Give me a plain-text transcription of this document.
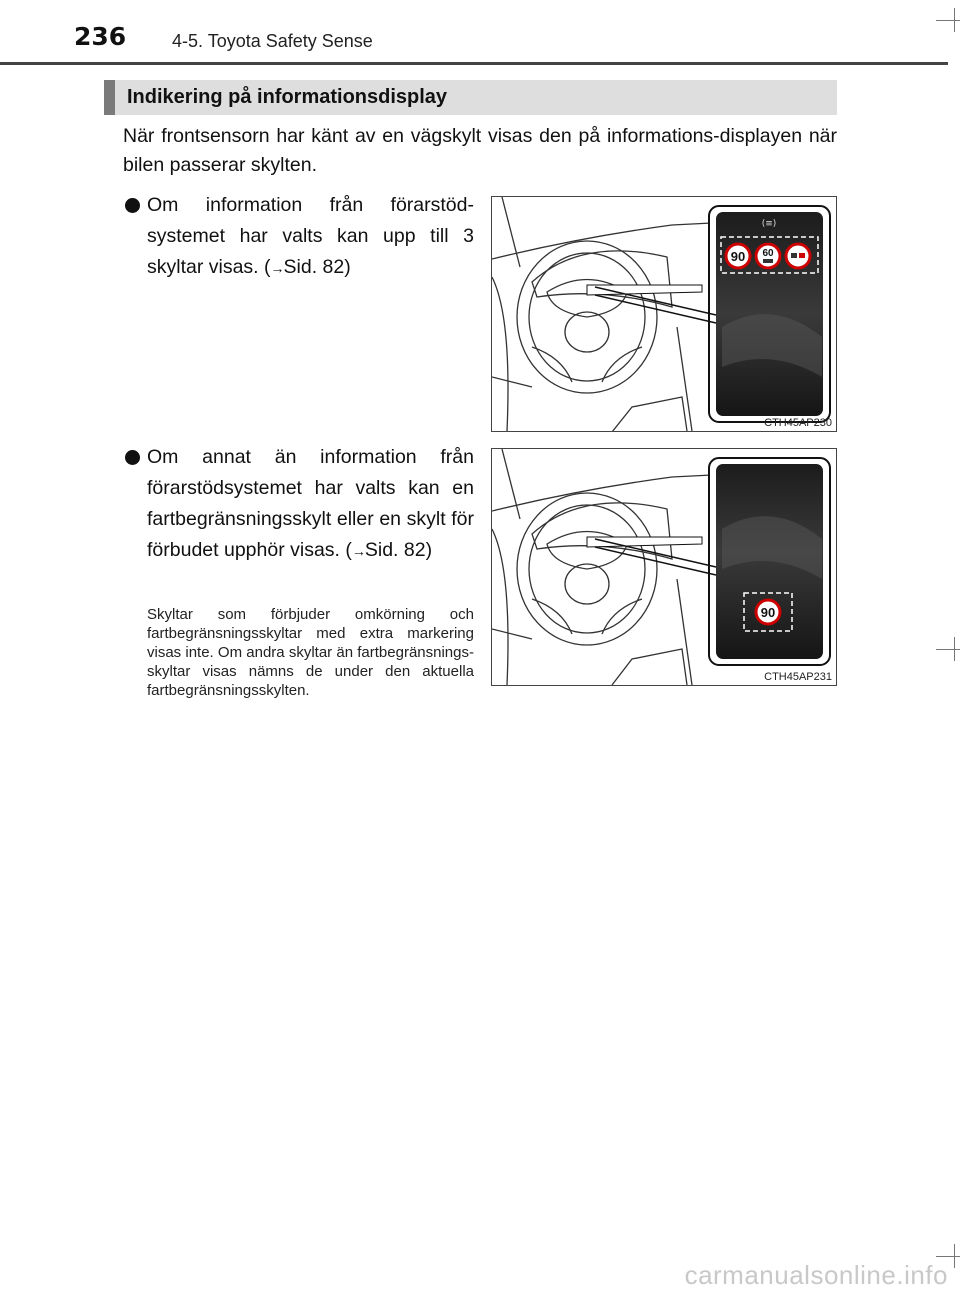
236	4-5. Toyota Safety Sense
Indikering på informationsdisplay

När frontsensorn har känt av en vägskylt visas den på informations-displayen när bilen passerar skylten.

Om information från förarstöd-systemet har valts kan upp till 3 skyltar visas. (→Sid. 82)

Om annat än information från förarstödsystemet har valts kan en fartbegränsningsskylt eller en skylt för förbudet upphör visas. (→Sid. 82)

Skyltar som förbjuder omkörning och fartbegränsningsskyltar med extra markering visas inte. Om andra skyltar än fartbegränsnings-skyltar visas nämns de under den aktuella fartbegränsningsskylten.

(≡)
90 60
CTH45AP230
90
CTH45AP231
carmanualsonline.info
